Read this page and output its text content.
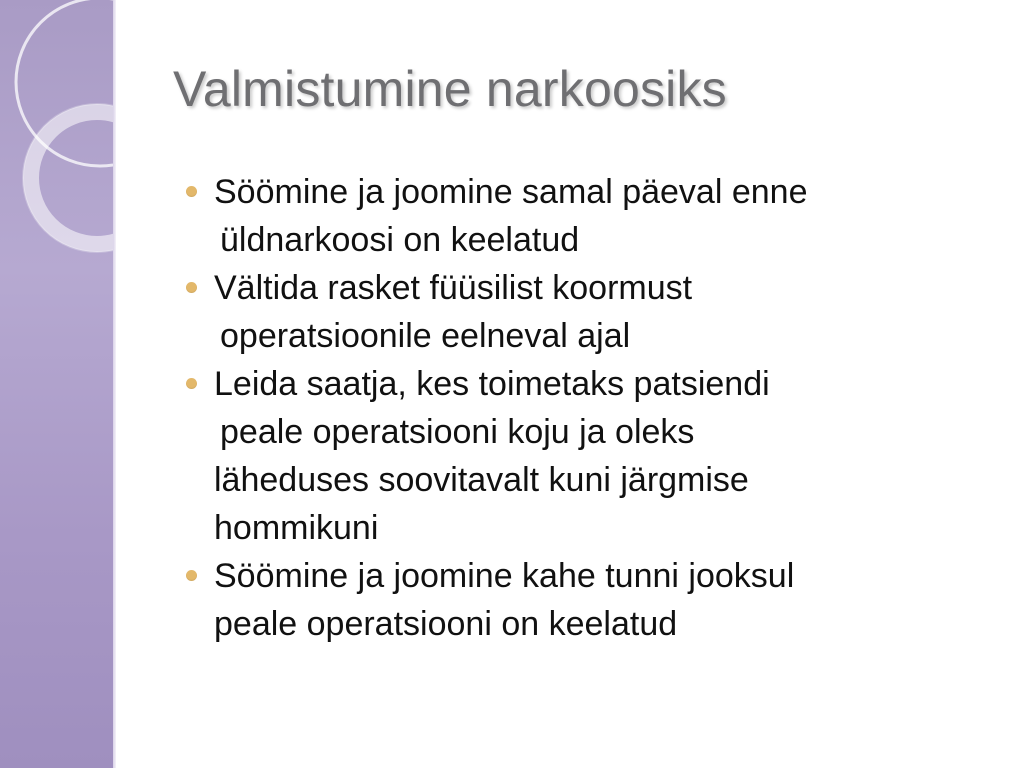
Valmistumine narkoosiks
Söömine ja joomine samal päeval enne
üldnarkoosi on keelatud
Vältida rasket füüsilist koormust
operatsioonile eelneval ajal
Leida saatja, kes toimetaks patsiendi
peale operatsiooni koju ja oleks
läheduses soovitavalt kuni järgmise
hommikuni
Söömine ja joomine kahe tunni jooksul
peale operatsiooni on keelatud
